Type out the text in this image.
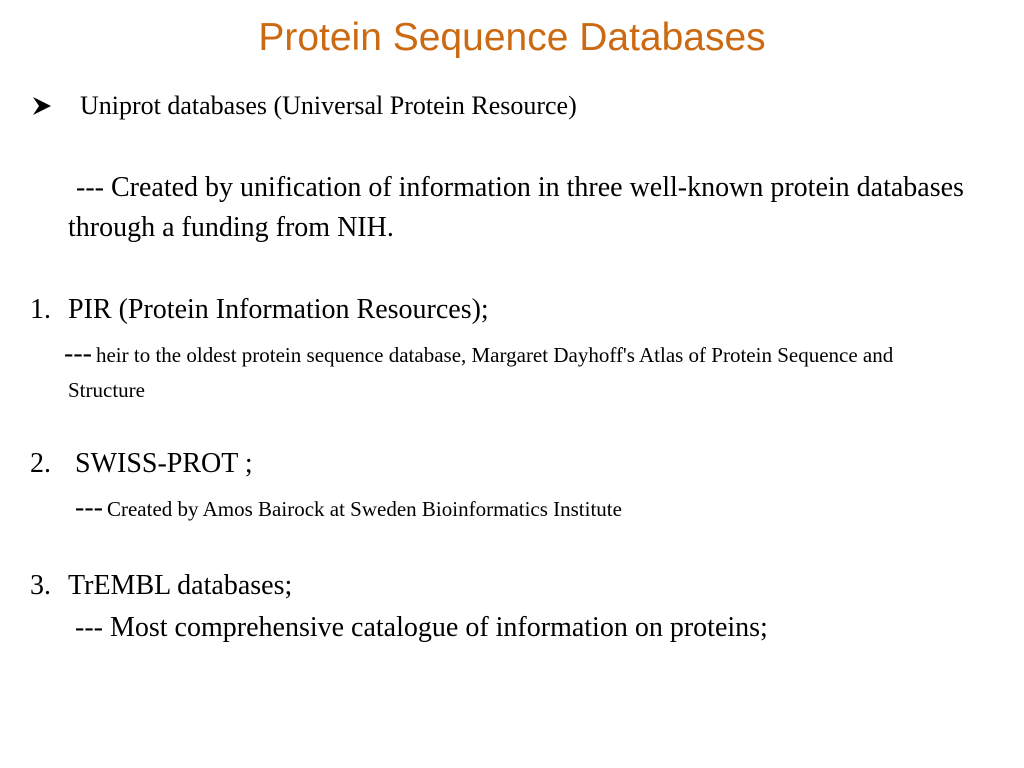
Protein Sequence Databases
Uniprot databases (Universal Protein Resource)

--- Created by unification of information in three well-known protein databases through a funding from NIH.

1. PIR (Protein Information Resources);

--- heir to the oldest protein sequence database, Margaret Dayhoff's Atlas of Protein Sequence and Structure

2. SWISS-PROT ;

--- Created by Amos Bairock at Sweden Bioinformatics Institute

3. TrEMBL databases;

--- Most comprehensive catalogue of information on proteins;
